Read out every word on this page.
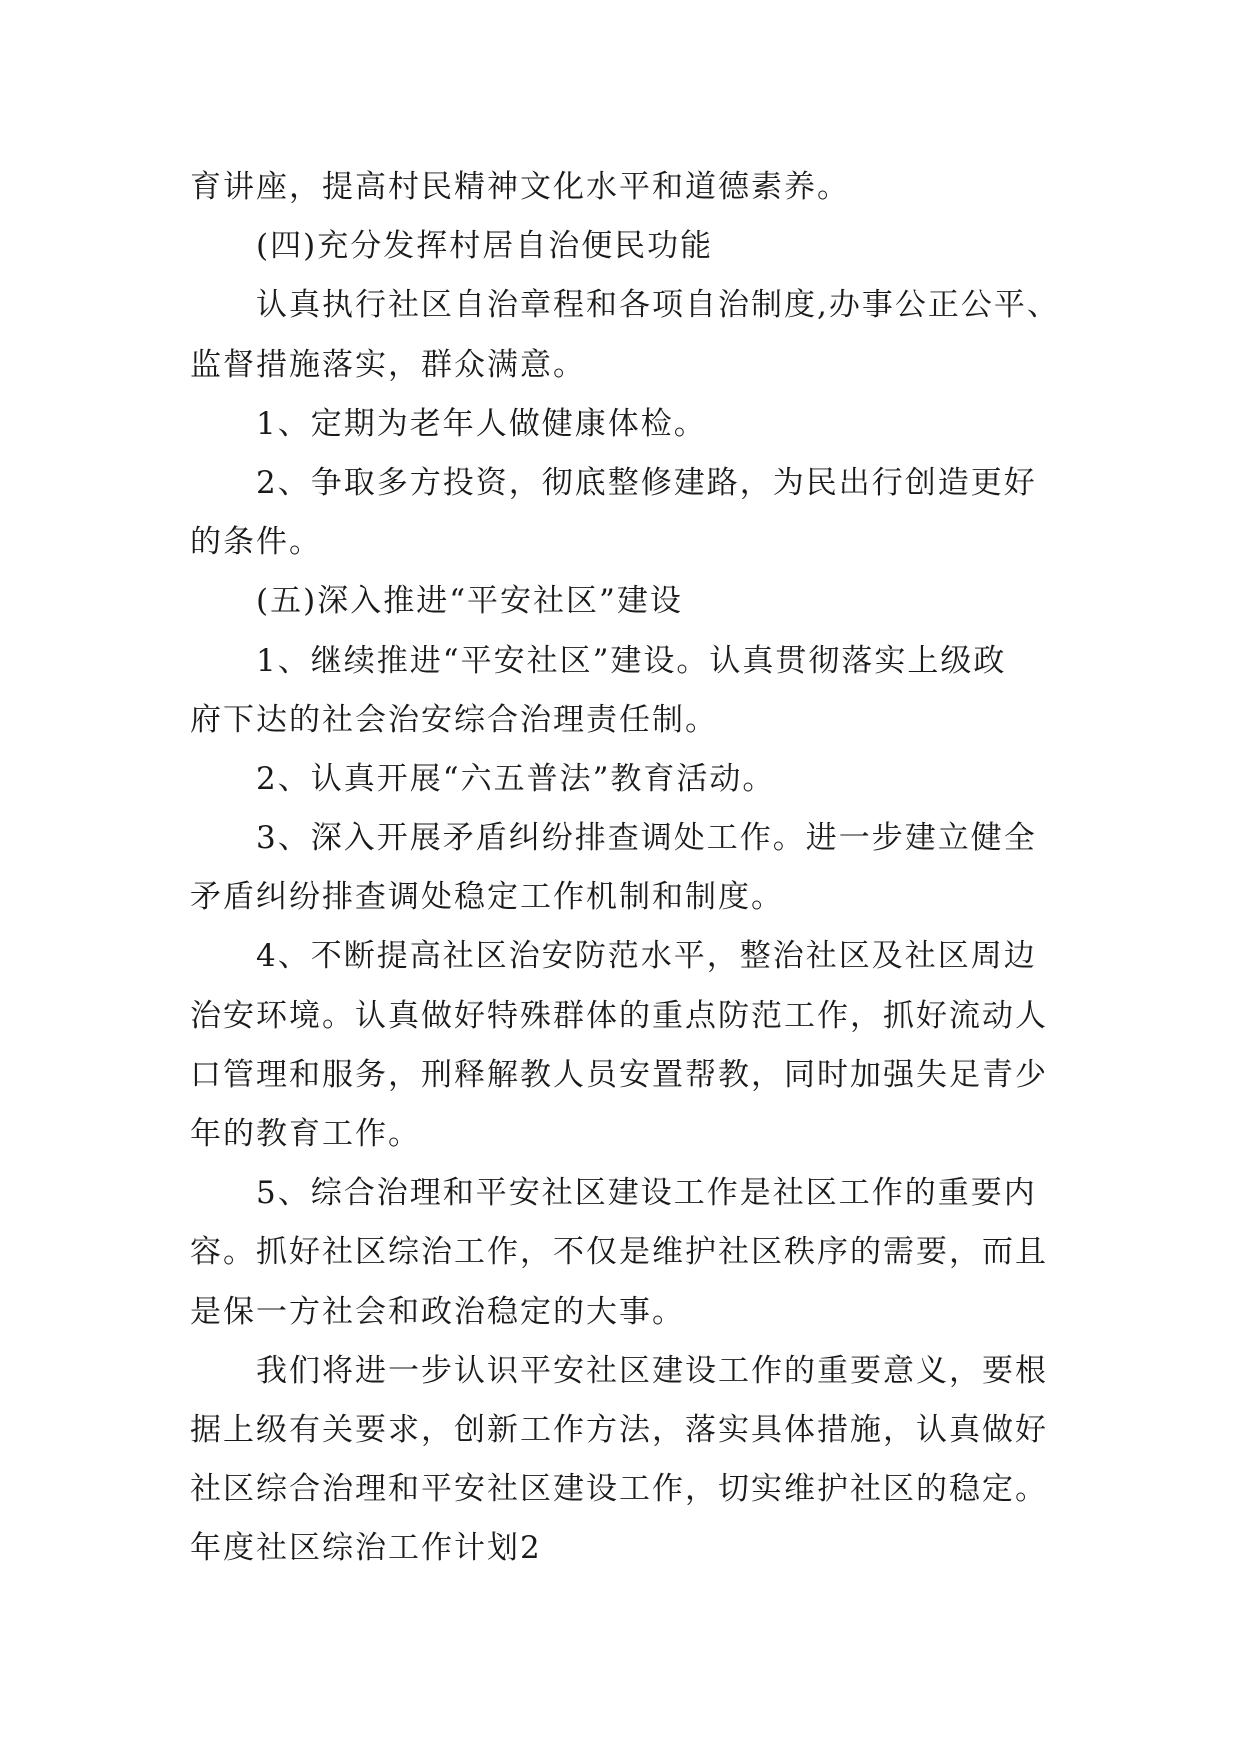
育讲座，提高村民精神文化水平和道德素养。
(四)充分发挥村居自治便民功能
认真执行社区自治章程和各项自治制度,办事公正公平、
监督措施落实，群众满意。
1、定期为老年人做健康体检。
2、争取多方投资，彻底整修建路，为民出行创造更好
的条件。
(五)深入推进“平安社区”建设
1、继续推进“平安社区”建设。认真贯彻落实上级政
府下达的社会治安综合治理责任制。
2、认真开展“六五普法”教育活动。
3、深入开展矛盾纠纷排查调处工作。进一步建立健全
矛盾纠纷排查调处稳定工作机制和制度。
4、不断提高社区治安防范水平，整治社区及社区周边
治安环境。认真做好特殊群体的重点防范工作，抓好流动人
口管理和服务，刑释解教人员安置帮教，同时加强失足青少
年的教育工作。
5、综合治理和平安社区建设工作是社区工作的重要内
容。抓好社区综治工作，不仅是维护社区秩序的需要，而且
是保一方社会和政治稳定的大事。
我们将进一步认识平安社区建设工作的重要意义，要根
据上级有关要求，创新工作方法，落实具体措施，认真做好
社区综合治理和平安社区建设工作，切实维护社区的稳定。
年度社区综治工作计划2
